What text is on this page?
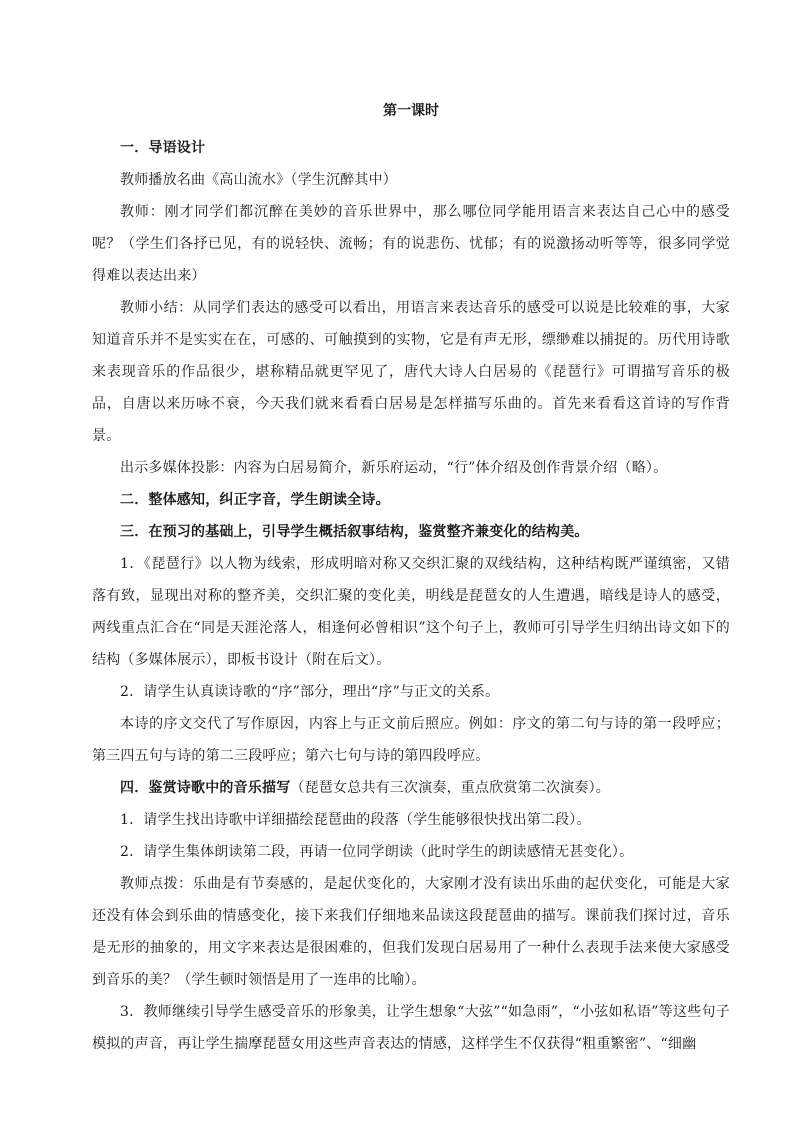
第一课时

一．导语设计

教师播放名曲《高山流水》（学生沉醉其中）

教师：刚才同学们都沉醉在美妙的音乐世界中，那么哪位同学能用语言来表达自己心中的感受呢？（学生们各抒已见，有的说轻快、流畅；有的说悲伤、忧郁；有的说激扬动听等等，很多同学觉得难以表达出来）

教师小结：从同学们表达的感受可以看出，用语言来表达音乐的感受可以说是比较难的事，大家知道音乐并不是实实在在，可感的、可触摸到的实物，它是有声无形，缥缈难以捕捉的。历代用诗歌来表现音乐的作品很少，堪称精品就更罕见了，唐代大诗人白居易的《琵琶行》可谓描写音乐的极品，自唐以来历咏不衰，今天我们就来看看白居易是怎样描写乐曲的。首先来看看这首诗的写作背景。

出示多媒体投影：内容为白居易简介，新乐府运动，“行”体介绍及创作背景介绍（略）。

二．整体感知，纠正字音，学生朗读全诗。

三．在预习的基础上，引导学生概括叙事结构，鉴赏整齐兼变化的结构美。

1．《琵琶行》以人物为线索，形成明暗对称又交织汇聚的双线结构，这种结构既严谨缜密，又错落有致，显现出对称的整齐美，交织汇聚的变化美，明线是琵琶女的人生遭遇，暗线是诗人的感受，两线重点汇合在“同是天涯沦落人，相逢何必曾相识”这个句子上，教师可引导学生归纳出诗文如下的结构（多媒体展示），即板书设计（附在后文）。

2．请学生认真读诗歌的“序”部分，理出“序”与正文的关系。

本诗的序文交代了写作原因，内容上与正文前后照应。例如：序文的第二句与诗的第一段呼应；第三四五句与诗的第二三段呼应；第六七句与诗的第四段呼应。

四．鉴赏诗歌中的音乐描写（琵琶女总共有三次演奏，重点欣赏第二次演奏）。

1．请学生找出诗歌中详细描绘琵琶曲的段落（学生能够很快找出第二段）。

2．请学生集体朗读第二段，再请一位同学朗读（此时学生的朗读感情无甚变化）。

教师点拨：乐曲是有节奏感的，是起伏变化的，大家刚才没有读出乐曲的起伏变化，可能是大家还没有体会到乐曲的情感变化，接下来我们仔细地来品读这段琵琶曲的描写。课前我们探讨过，音乐是无形的抽象的，用文字来表达是很困难的，但我们发现白居易用了一种什么表现手法来使大家感受到音乐的美？（学生顿时领悟是用了一连串的比喻）。

3．教师继续引导学生感受音乐的形象美，让学生想象“大弦”“如急雨”，“小弦如私语”等这些句子模拟的声音，再让学生揣摩琵琶女用这些声音表达的情感，这样学生不仅获得“粗重繁密”、“细幽
